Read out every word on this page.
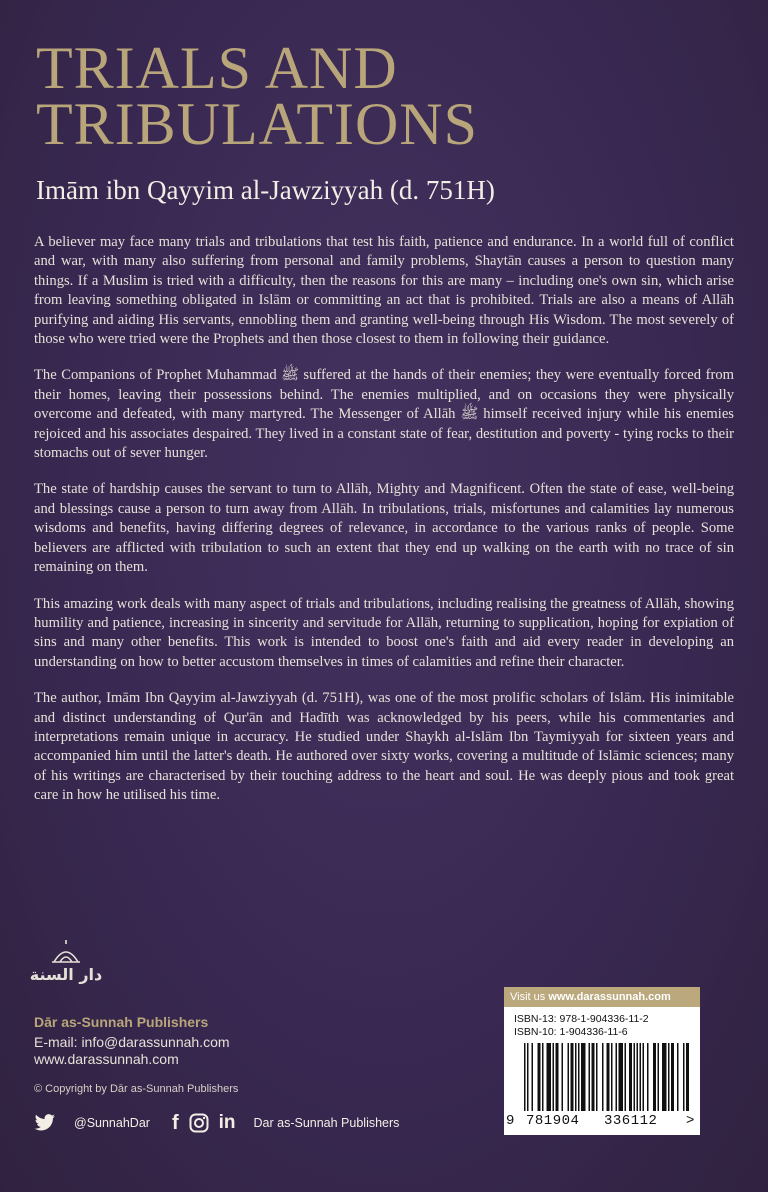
TRIALS AND
TRIBULATIONS
Imām ibn Qayyim al-Jawziyyah (d. 751H)

A believer may face many trials and tribulations that test his faith, patience and endurance. In a world full of conflict and war, with many also suffering from personal and family problems, Shaytān causes a person to question many things. If a Muslim is tried with a difficulty, then the reasons for this are many – including one's own sin, which arise from leaving something obligated in Islām or committing an act that is prohibited. Trials are also a means of Allāh purifying and aiding His servants, ennobling them and granting well-being through His Wisdom. The most severely of those who were tried were the Prophets and then those closest to them in following their guidance.

The Companions of Prophet Muhammad ﷺ suffered at the hands of their enemies; they were eventually forced from their homes, leaving their possessions behind. The enemies multiplied, and on occasions they were physically overcome and defeated, with many martyred. The Messenger of Allāh ﷺ himself received injury while his enemies rejoiced and his associates despaired. They lived in a constant state of fear, destitution and poverty - tying rocks to their stomachs out of sever hunger.

The state of hardship causes the servant to turn to Allāh, Mighty and Magnificent. Often the state of ease, well-being and blessings cause a person to turn away from Allāh. In tribulations, trials, misfortunes and calamities lay numerous wisdoms and benefits, having differing degrees of relevance, in accordance to the various ranks of people. Some believers are afflicted with tribulation to such an extent that they end up walking on the earth with no trace of sin remaining on them.

This amazing work deals with many aspect of trials and tribulations, including realising the greatness of Allāh, showing humility and patience, increasing in sincerity and servitude for Allāh, returning to supplication, hoping for expiation of sins and many other benefits. This work is intended to boost one's faith and aid every reader in developing an understanding on how to better accustom themselves in times of calamities and refine their character.

The author, Imām Ibn Qayyim al-Jawziyyah (d. 751H), was one of the most prolific scholars of Islām. His inimitable and distinct understanding of Qur'ān and Hadīth was acknowledged by his peers, while his commentaries and interpretations remain unique in accuracy. He studied under Shaykh al-Islām Ibn Taymiyyah for sixteen years and accompanied him until the latter's death. He authored over sixty works, covering a multitude of Islāmic sciences; many of his writings are characterised by their touching address to the heart and soul. He was deeply pious and took great care in how he utilised his time.

دار السنة
Dār as-Sunnah Publishers
E-mail: info@darassunnah.com
www.darassunnah.com
© Copyright by Dār as-Sunnah Publishers
@SunnahDar f in Dar as-Sunnah Publishers
Visit us www.darassunnah.com
ISBN-13: 978-1-904336-11-2
ISBN-10: 1-904336-11-6
9 781904 336112 >
